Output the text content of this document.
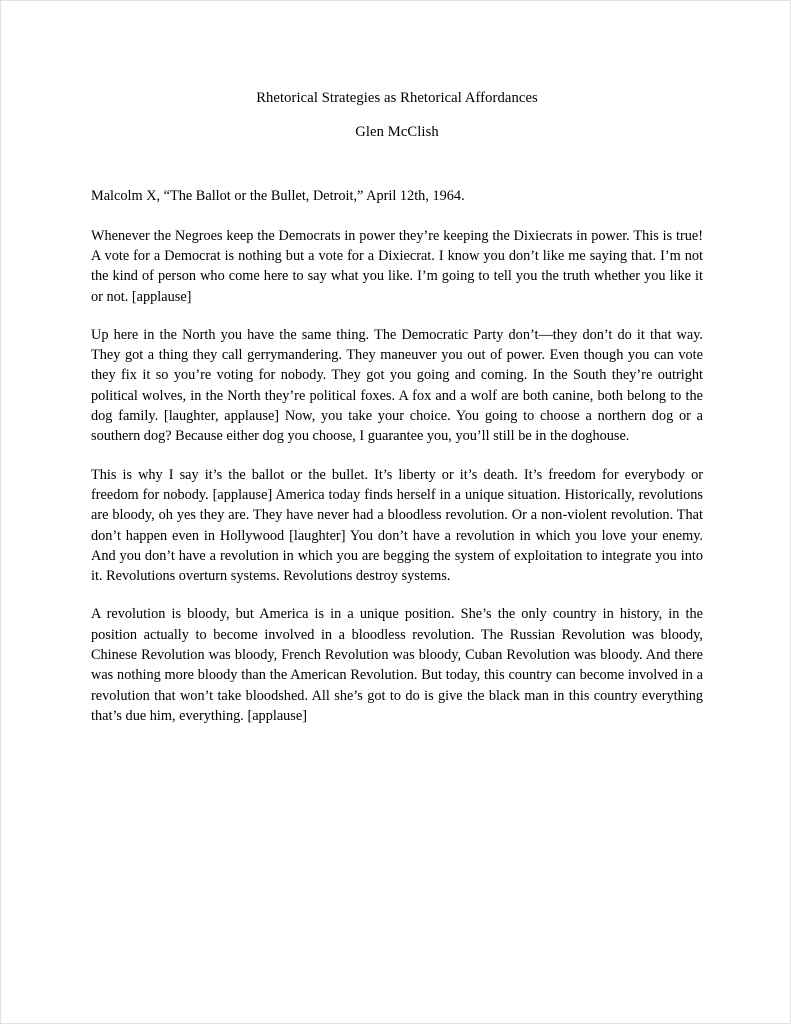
Rhetorical Strategies as Rhetorical Affordances
Glen McClish
Malcolm X, “The Ballot or the Bullet, Detroit,” April 12th, 1964.

Whenever the Negroes keep the Democrats in power they’re keeping the Dixiecrats in power. This is true! A vote for a Democrat is nothing but a vote for a Dixiecrat. I know you don’t like me saying that. I’m not the kind of person who come here to say what you like. I’m going to tell you the truth whether you like it or not. [applause]

Up here in the North you have the same thing. The Democratic Party don’t—they don’t do it that way. They got a thing they call gerrymandering. They maneuver you out of power. Even though you can vote they fix it so you’re voting for nobody. They got you going and coming. In the South they’re outright political wolves, in the North they’re political foxes. A fox and a wolf are both canine, both belong to the dog family. [laughter, applause] Now, you take your choice. You going to choose a northern dog or a southern dog? Because either dog you choose, I guarantee you, you’ll still be in the doghouse.

This is why I say it’s the ballot or the bullet. It’s liberty or it’s death. It’s freedom for everybody or freedom for nobody. [applause] America today finds herself in a unique situation. Historically, revolutions are bloody, oh yes they are. They have never had a bloodless revolution. Or a non-violent revolution. That don’t happen even in Hollywood [laughter] You don’t have a revolution in which you love your enemy. And you don’t have a revolution in which you are begging the system of exploitation to integrate you into it. Revolutions overturn systems. Revolutions destroy systems.

A revolution is bloody, but America is in a unique position. She’s the only country in history, in the position actually to become involved in a bloodless revolution. The Russian Revolution was bloody, Chinese Revolution was bloody, French Revolution was bloody, Cuban Revolution was bloody. And there was nothing more bloody than the American Revolution. But today, this country can become involved in a revolution that won’t take bloodshed. All she’s got to do is give the black man in this country everything that’s due him, everything. [applause]
